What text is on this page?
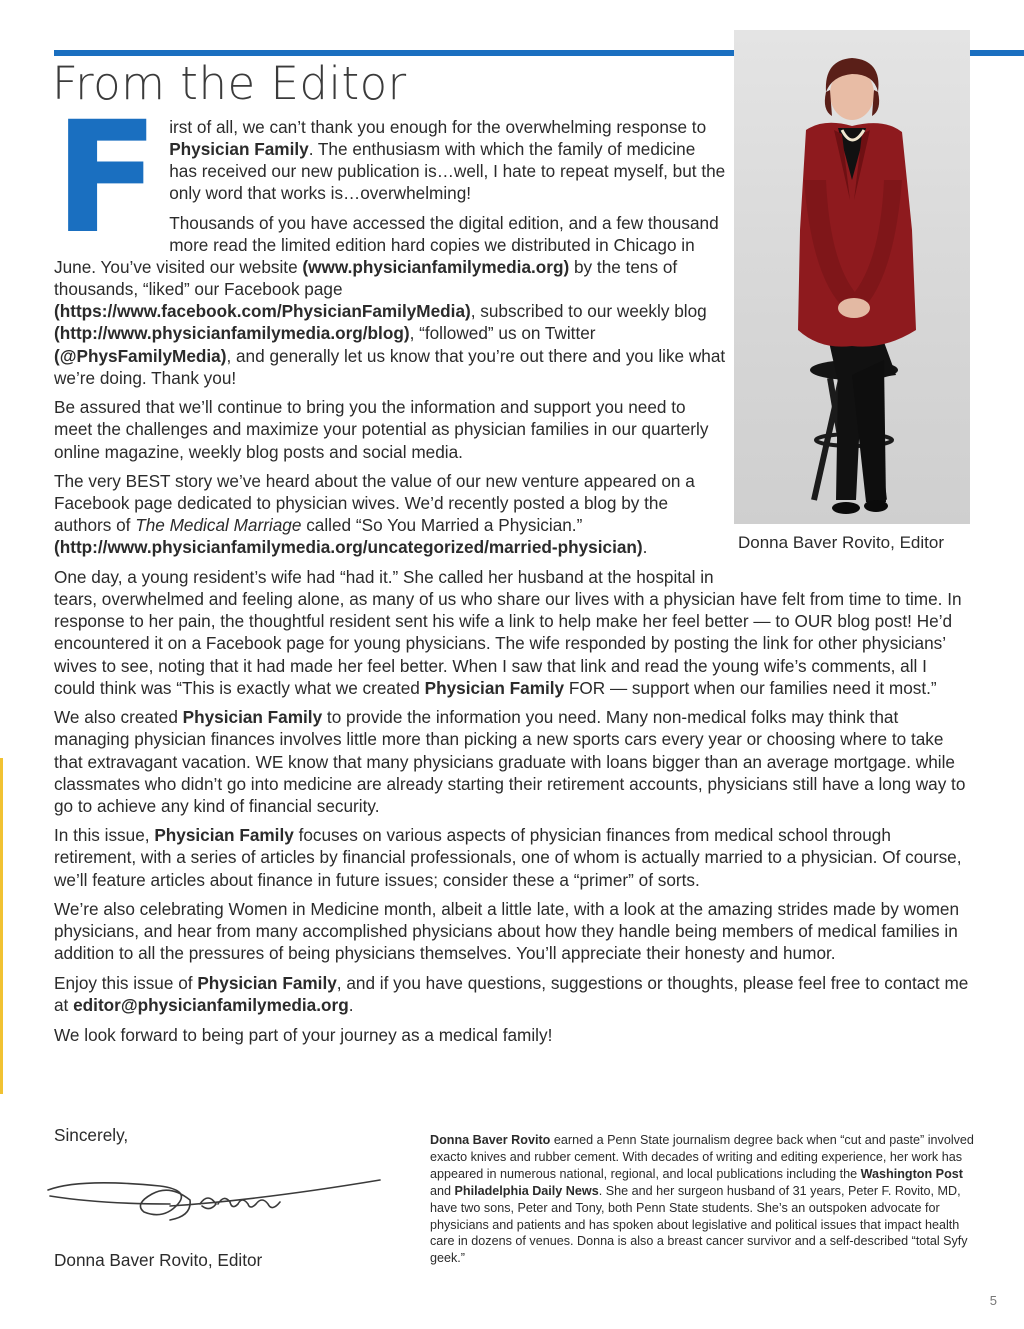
From the Editor
Donna Baver Rovito, Editor

First of all, we can’t thank you enough for the overwhelming response to Physician Family. The enthusiasm with which the family of medicine has received our new publication is…well, I hate to repeat myself, but the only word that works is…overwhelming!

Thousands of you have accessed the digital edition, and a few thousand more read the limited edition hard copies we distributed in Chicago in June. You’ve visited our website (www.physicianfamilymedia.org) by the tens of thousands, “liked” our Facebook page (https://www.facebook.com/PhysicianFamilyMedia), subscribed to our weekly blog (http://www.physicianfamilymedia.org/blog), “followed” us on Twitter (@PhysFamilyMedia), and generally let us know that you’re out there and you like what we’re doing. Thank you!

Be assured that we’ll continue to bring you the information and support you need to meet the challenges and maximize your potential as physician families in our quarterly online magazine, weekly blog posts and social media.

The very BEST story we’ve heard about the value of our new venture appeared on a Facebook page dedicated to physician wives. We’d recently posted a blog by the authors of The Medical Marriage called “So You Married a Physician.” (http://www.physicianfamilymedia.org/uncategorized/married-physician).

One day, a young resident’s wife had “had it.” She called her husband at the hospital in tears, overwhelmed and feeling alone, as many of us who share our lives with a physician have felt from time to time. In response to her pain, the thoughtful resident sent his wife a link to help make her feel better — to OUR blog post! He’d encountered it on a Facebook page for young physicians. The wife responded by posting the link for other physicians’ wives to see, noting that it had made her feel better. When I saw that link and read the young wife’s comments, all I could think was “This is exactly what we created Physician Family FOR — support when our families need it most.”

We also created Physician Family to provide the information you need. Many non-medical folks may think that managing physician finances involves little more than picking a new sports cars every year or choosing where to take that extravagant vacation. WE know that many physicians graduate with loans bigger than an average mortgage. while classmates who didn’t go into medicine are already starting their retirement accounts, physicians still have a long way to go to achieve any kind of financial security.

In this issue, Physician Family focuses on various aspects of physician finances from medical school through retirement, with a series of articles by financial professionals, one of whom is actually married to a physician. Of course, we’ll feature articles about finance in future issues; consider these a “primer” of sorts.

We’re also celebrating Women in Medicine month, albeit a little late, with a look at the amazing strides made by women physicians, and hear from many accomplished physicians about how they handle being members of medical families in addition to all the pressures of being physicians themselves. You’ll appreciate their honesty and humor.

Enjoy this issue of Physician Family, and if you have questions, suggestions or thoughts, please feel free to contact me at editor@physicianfamilymedia.org.

We look forward to being part of your journey as a medical family!

Sincerely,
Donna Baver Rovito, Editor
Donna Baver Rovito earned a Penn State journalism degree back when “cut and paste” involved exacto knives and rubber cement. With decades of writing and editing experience, her work has appeared in numerous national, regional, and local publications including the Washington Post and Philadelphia Daily News. She and her surgeon husband of 31 years, Peter F. Rovito, MD, have two sons, Peter and Tony, both Penn State students. She’s an outspoken advocate for physicians and patients and has spoken about legislative and political issues that impact health care in dozens of venues. Donna is also a breast cancer survivor and a self-described “total Syfy geek.”
5
